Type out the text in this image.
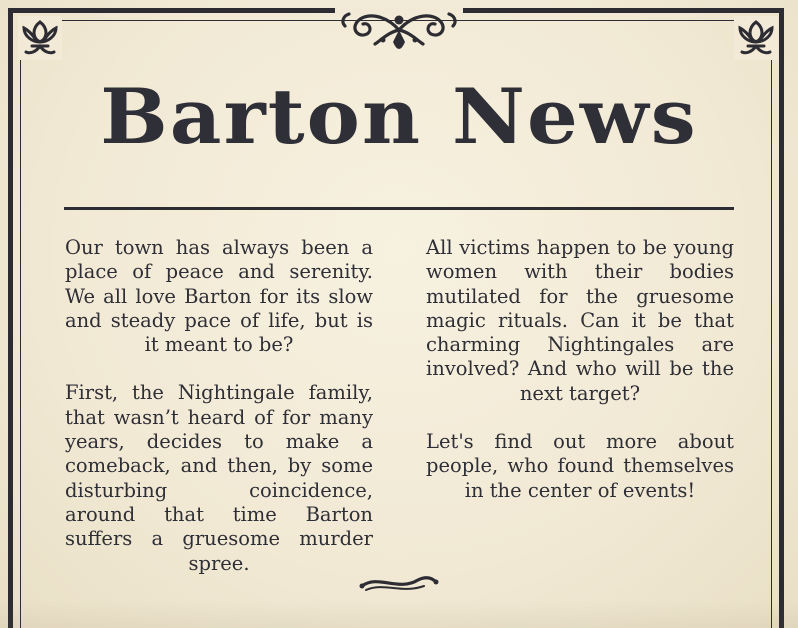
Barton News

Our town has always been a place of peace and serenity. We all love Barton for its slow and steady pace of life, but is it meant to be?

First, the Nightingale family, that wasn’t heard of for many years, decides to make a comeback, and then, by some disturbing coincidence, around that time Barton suffers a gruesome murder spree.

All victims happen to be young women with their bodies mutilated for the gruesome magic rituals. Can it be that charming Nightingales are involved? And who will be the next target?

Let's find out more about people, who found themselves in the center of events!
